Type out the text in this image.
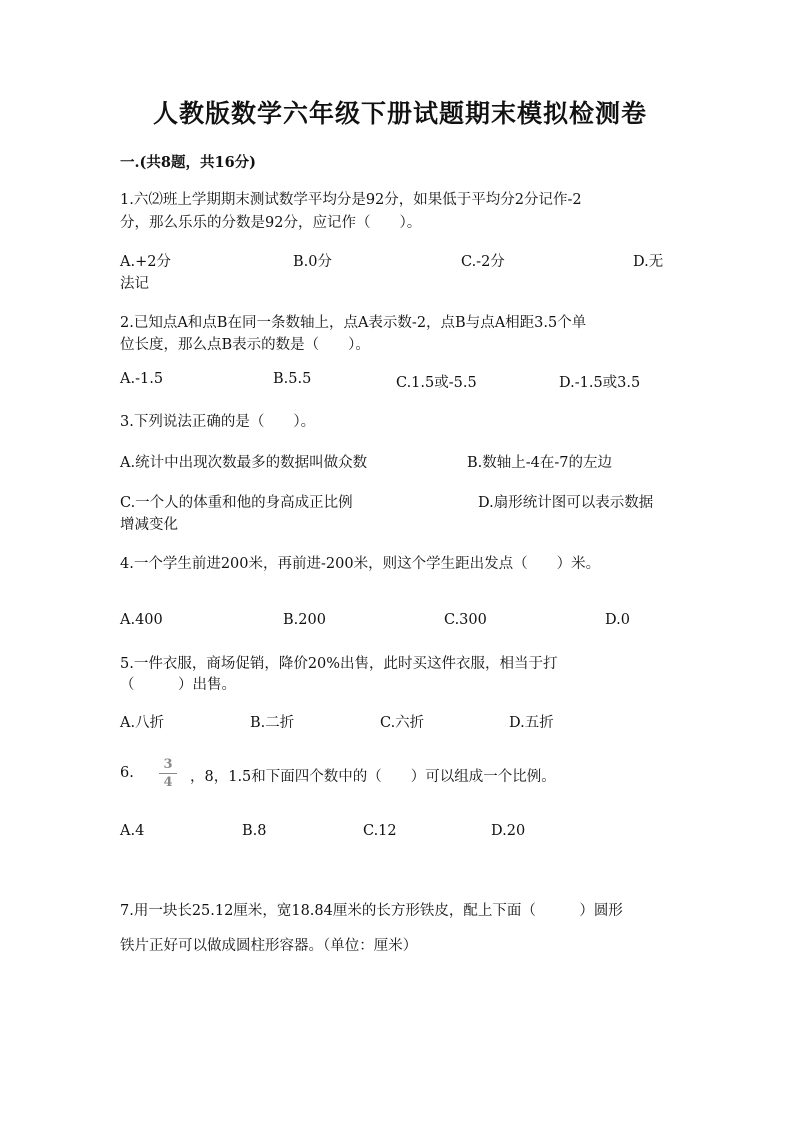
人教版数学六年级下册试题期末模拟检测卷
一.(共8题，共16分)
1.六⑵班上学期期末测试数学平均分是92分，如果低于平均分2分记作-2
分，那么乐乐的分数是92分，应记作（　　）。
A.+2分	B.0分	C.-2分	D.无
法记
2.已知点A和点B在同一条数轴上，点A表示数-2，点B与点A相距3.5个单
位长度，那么点B表示的数是（　　）。
A.-1.5	B.5.5	C.1.5或-5.5	D.-1.5或3.5
3.下列说法正确的是（　　）。
A.统计中出现次数最多的数据叫做众数	B.数轴上-4在-7的左边
C.一个人的体重和他的身高成正比例	D.扇形统计图可以表示数据
增减变化
4.一个学生前进200米，再前进-200米，则这个学生距出发点（　　）米。
A.400	B.200	C.300	D.0
5.一件衣服，商场促销，降价20%出售，此时买这件衣服，相当于打
（　　　）出售。
A.八折	B.二折	C.六折	D.五折
6.
3
4	，8，1.5和下面四个数中的（　　）可以组成一个比例。
A.4	B.8	C.12	D.20
7.用一块长25.12厘米，宽18.84厘米的长方形铁皮，配上下面（　　　）圆形
铁片正好可以做成圆柱形容器。（单位：厘米）
